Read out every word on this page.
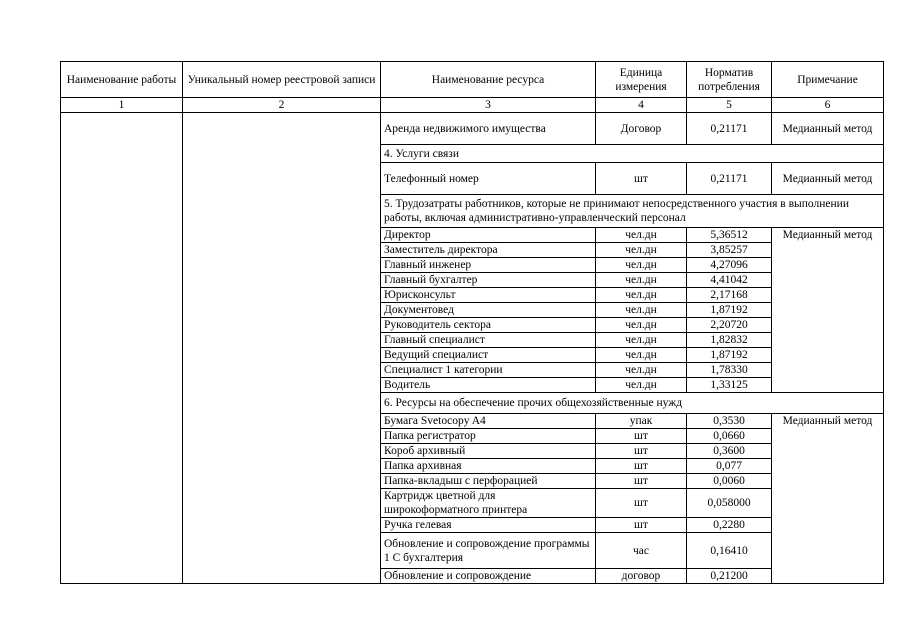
Наименование работы	Уникальный номер реестровой записи	Наименование ресурса	Единица измерения	Норматив потребления	Примечание
1	2	3	4	5	6
		Аренда недвижимого имущества	Договор	0,21171	Медианный метод
		4. Услуги связи			
		Телефонный номер	шт	0,21171	Медианный метод
		5. Трудозатраты работников, которые не принимают непосредственного участия в выполнении работы, включая административно-управленческий персонал			
		Директор	чел.дн	5,36512	Медианный метод
		Заместитель директора	чел.дн	3,85257	
		Главный инженер	чел.дн	4,27096	
		Главный бухгалтер	чел.дн	4,41042	
		Юрисконсульт	чел.дн	2,17168	
		Документовед	чел.дн	1,87192	
		Руководитель сектора	чел.дн	2,20720	
		Главный специалист	чел.дн	1,82832	
		Ведущий специалист	чел.дн	1,87192	
		Специалист 1 категории	чел.дн	1,78330	
		Водитель	чел.дн	1,33125	
		6. Ресурсы на обеспечение прочих общехозяйственные нужд			
		Бумага Svetocopy A4	упак	0,3530	Медианный метод
		Папка регистратор	шт	0,0660	
		Короб архивный	шт	0,3600	
		Папка архивная	шт	0,077	
		Папка-вкладыш с перфорацией	шт	0,0060	
		Картридж цветной для широкоформатного принтера	шт	0,058000	
		Ручка гелевая	шт	0,2280	
		Обновление и сопровождение программы 1 С бухгалтерия	час	0,16410	
		Обновление и сопровождение	договор	0,21200	
